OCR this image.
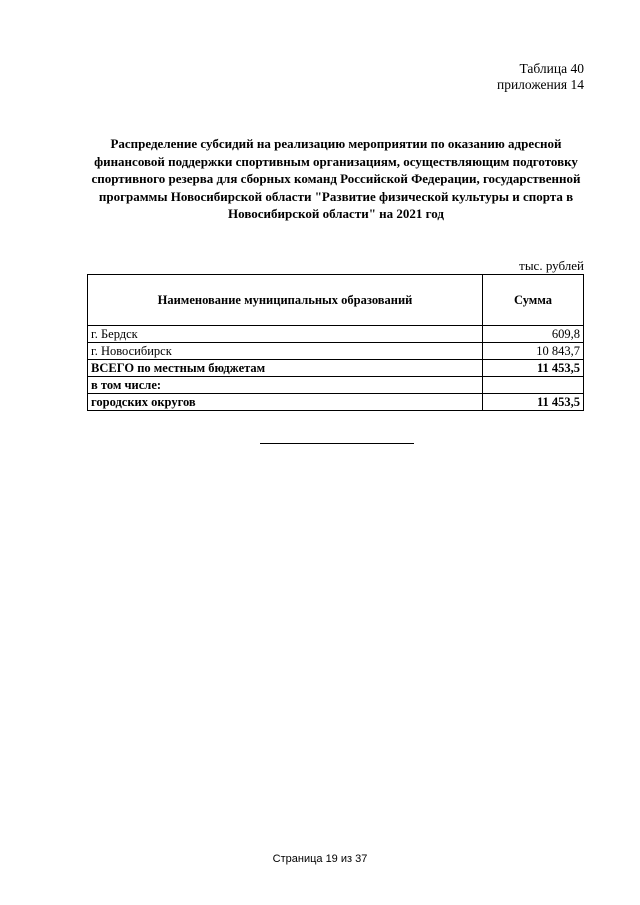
Таблица 40
приложения 14
Распределение субсидий на реализацию мероприятии по оказанию адресной финансовой поддержки спортивным организациям, осуществляющим подготовку спортивного резерва для сборных команд Российской Федерации, государственной программы Новосибирской области "Развитие физической культуры и спорта в Новосибирской области" на 2021 год
тыс. рублей
Наименование муниципальных образований	Сумма
г. Бердск	609,8
г. Новосибирск	10 843,7
ВСЕГО по местным бюджетам	11 453,5
в том числе:	
городских округов	11 453,5
Страница 19 из 37
